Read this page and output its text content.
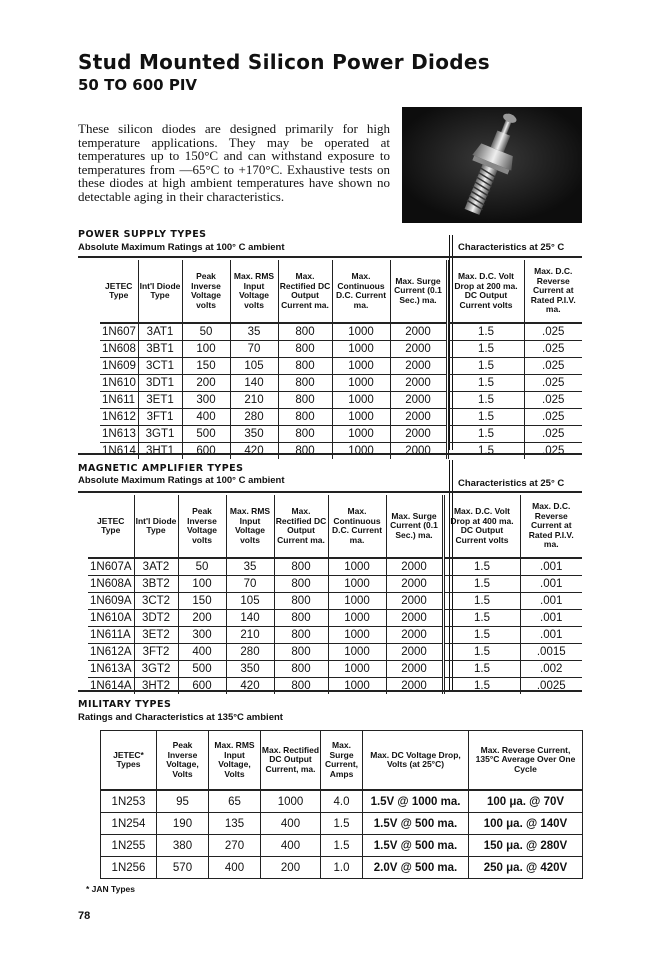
Stud Mounted Silicon Power Diodes
50 TO 600 PIV
These silicon diodes are designed primarily for high temperature applications. They may be operated at temperatures up to 150°C and can withstand exposure to temperatures from —65°C to +170°C. Exhaustive tests on these diodes at high ambient temperatures have shown no detectable aging in their characteristics.
POWER SUPPLY TYPES
Absolute Maximum Ratings at 100° C ambient	Characteristics at 25° C
JETEC Type	Int'l Diode Type	Peak Inverse Voltage volts	Max. RMS Input Voltage volts	Max. Rectified DC Output Current ma.	Max. Continuous D.C. Current ma.	Max. Surge Current (0.1 Sec.) ma.	Max. D.C. Volt Drop at 200 ma. DC Output Current volts	Max. D.C. Reverse Current at Rated P.I.V. ma.
1N607	3AT1	50	35	800	1000	2000	1.5	.025
1N608	3BT1	100	70	800	1000	2000	1.5	.025
1N609	3CT1	150	105	800	1000	2000	1.5	.025
1N610	3DT1	200	140	800	1000	2000	1.5	.025
1N611	3ET1	300	210	800	1000	2000	1.5	.025
1N612	3FT1	400	280	800	1000	2000	1.5	.025
1N613	3GT1	500	350	800	1000	2000	1.5	.025
1N614	3HT1	600	420	800	1000	2000	1.5	.025
MAGNETIC AMPLIFIER TYPES
Absolute Maximum Ratings at 100° C ambient	Characteristics at 25° C
JETEC Type	Int'l Diode Type	Peak Inverse Voltage volts	Max. RMS Input Voltage volts	Max. Rectified DC Output Current ma.	Max. Continuous D.C. Current ma.	Max. Surge Current (0.1 Sec.) ma.	Max. D.C. Volt Drop at 400 ma. DC Output Current volts	Max. D.C. Reverse Current at Rated P.I.V. ma.
1N607A	3AT2	50	35	800	1000	2000	1.5	.001
1N608A	3BT2	100	70	800	1000	2000	1.5	.001
1N609A	3CT2	150	105	800	1000	2000	1.5	.001
1N610A	3DT2	200	140	800	1000	2000	1.5	.001
1N611A	3ET2	300	210	800	1000	2000	1.5	.001
1N612A	3FT2	400	280	800	1000	2000	1.5	.0015
1N613A	3GT2	500	350	800	1000	2000	1.5	.002
1N614A	3HT2	600	420	800	1000	2000	1.5	.0025
MILITARY TYPES
Ratings and Characteristics at 135°C ambient
JETEC* Types	Peak Inverse Voltage, Volts	Max. RMS Input Voltage, Volts	Max. Rectified DC Output Current, ma.	Max. Surge Current, Amps	Max. DC Voltage Drop, Volts (at 25°C)	Max. Reverse Current, 135°C Average Over One Cycle
1N253	95	65	1000	4.0	1.5V @ 1000 ma.	100 μa. @ 70V
1N254	190	135	400	1.5	1.5V @ 500 ma.	100 μa. @ 140V
1N255	380	270	400	1.5	1.5V @ 500 ma.	150 μa. @ 280V
1N256	570	400	200	1.0	2.0V @ 500 ma.	250 μa. @ 420V
* JAN Types
78
